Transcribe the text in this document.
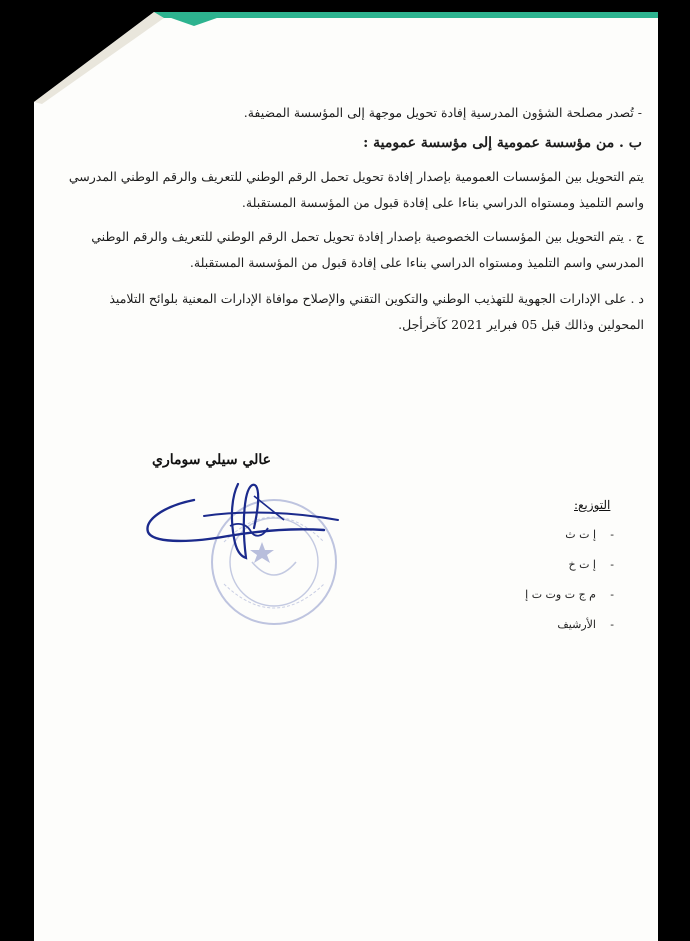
- تُصدر مصلحة الشؤون المدرسية إفادة تحويل موجهة إلى المؤسسة المضيفة.
ب . من مؤسسة عمومية إلى مؤسسة عمومية :
يتم التحويل بين المؤسسات العمومية بإصدار إفادة تحويل تحمل الرقم الوطني للتعريف والرقم الوطني المدرسي واسم التلميذ ومستواه الدراسي بناءا على إفادة قبول من المؤسسة المستقبلة.
ج . يتم التحويل بين المؤسسات الخصوصية بإصدار إفادة تحويل تحمل الرقم الوطني للتعريف والرقم الوطني المدرسي واسم التلميذ ومستواه الدراسي بناءا على إفادة قبول من المؤسسة المستقبلة.
د . على الإدارات الجهوية للتهذيب الوطني والتكوين التقني والإصلاح موافاة الإدارات المعنية بلوائح التلاميذ المحولين وذالك قبل 05 فبراير 2021 كآخرأجل.
عالي سيلي سوماري
التوزيع:
-
إ ت ث
-
إ ت خ
-
م ج ت وت ت إ
-
الأرشيف
